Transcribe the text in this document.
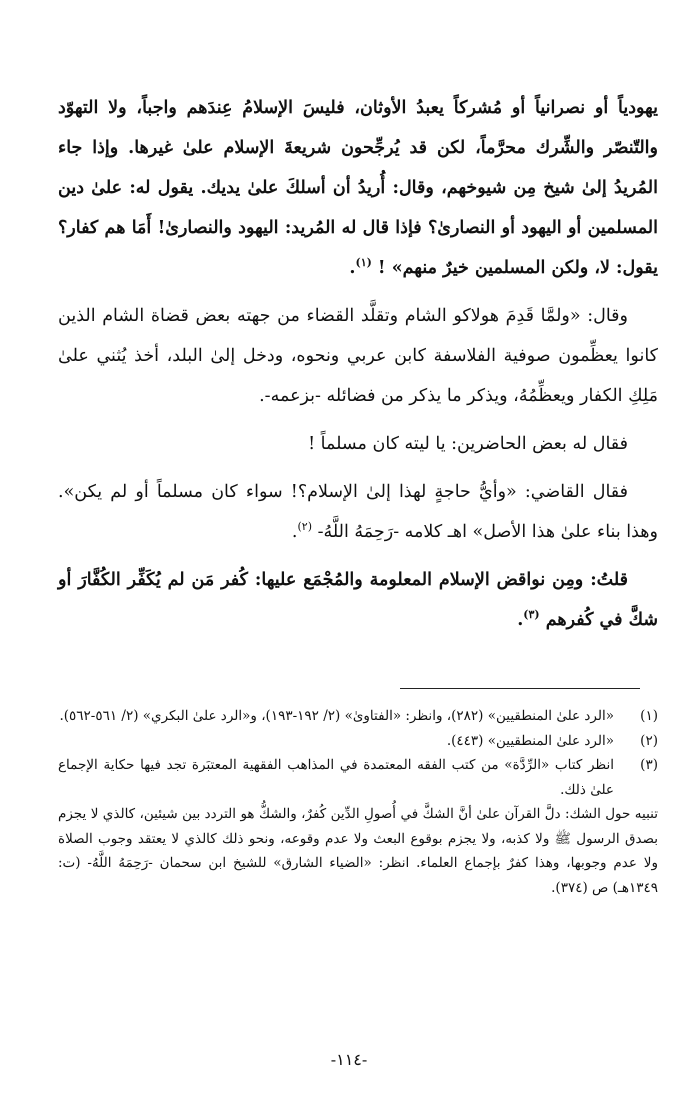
يهودياً أو نصرانياً أو مُشركاً يعبدُ الأوثان، فليسَ الإسلامُ عِندَهم واجباً، ولا التهوّد والتّنصّر والشِّرك محرَّماً، لكن قد يُرجِّحون شريعةَ الإسلام علىٰ غيرها. وإذا جاء المُريدُ إلىٰ شيخ مِن شيوخهم، وقال: أُريدُ أن أسلكَ علىٰ يديك. يقول له: علىٰ دين المسلمين أو اليهود أو النصارىٰ؟ فإذا قال له المُريد: اليهود والنصارىٰ! أَمَا هم كفار؟ يقول: لا، ولكن المسلمين خيرٌ منهم» ! $^{(١)}$.

وقال: «ولمَّا قَدِمَ هولاكو الشام وتقلَّد القضاء من جهته بعض قضاة الشام الذين كانوا يعظِّمون صوفية الفلاسفة كابن عربي ونحوه، ودخل إلىٰ البلد، أخذ يُثني علىٰ مَلِكِ الكفار ويعظِّمُهُ، ويذكر ما يذكر من فضائله -بزعمه-.

فقال له بعض الحاضرين: يا ليته كان مسلماً !

فقال القاضي: «وأيُّ حاجةٍ لهذا إلىٰ الإسلام؟! سواء كان مسلماً أو لم يكن». وهذا بناء علىٰ هذا الأصل» اهـ كلامه -رَحِمَهُ اللَّهُ- $^{(٢)}$.

قلتُ: ومِن نواقض الإسلام المعلومة والمُجْمَع عليها: كُفر مَن لم يُكَفِّر الكُفَّارَ أو شكَّ في كُفرهم $^{(٣)}$.

(١)
«الرد علىٰ المنطقيين» (٢٨٢)، وانظر: «الفتاوىٰ» (٢/ ١٩٢-١٩٣)، و«الرد علىٰ البكري» (٢/ ٥٦١-٥٦٢).
(٢)
«الرد علىٰ المنطقيين» (٤٤٣).
(٣)
انظر كتاب «الرِّدَّة» من كتب الفقه المعتمدة في المذاهب الفقهية المعتبَرة تجد فيها حكاية الإجماع علىٰ ذلك.
تنبيه حول الشك: دلَّ القرآن علىٰ أنَّ الشكَّ في أُصولِ الدِّين كُفرٌ، والشكُّ هو التردد بين شيئين، كالذي لا يجزم بصدق الرسول ﷺ ولا كذبه، ولا يجزم بوقوع البعث ولا عدم وقوعه، ونحو ذلك كالذي لا يعتقد وجوب الصلاة ولا عدم وجوبها، وهذا كفرٌ بإجماع العلماء. انظر: «الضياء الشارق» للشيخ ابن سحمان -رَحِمَهُ اللَّهُ- (ت: ١٣٤٩هـ) ص (٣٧٤).
-١١٤-
